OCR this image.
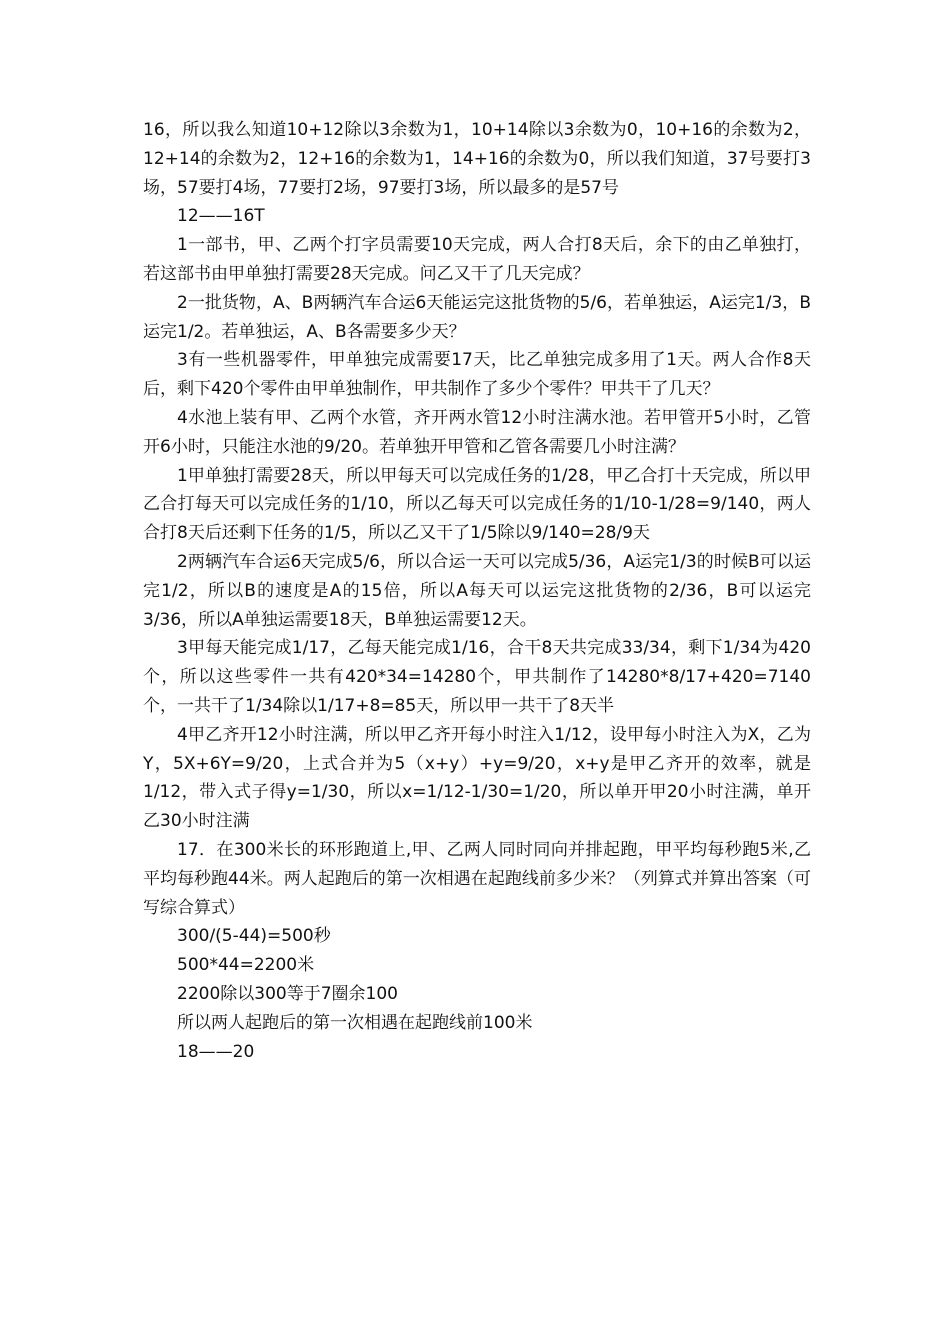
16，所以我么知道10+12除以3余数为1，10+14除以3余数为0，10+16的余数为2，12+14的余数为2，12+16的余数为1，14+16的余数为0，所以我们知道，37号要打3场，57要打4场，77要打2场，97要打3场，所以最多的是57号

12——16T

1一部书，甲、乙两个打字员需要10天完成，两人合打8天后，余下的由乙单独打，若这部书由甲单独打需要28天完成。问乙又干了几天完成？

2一批货物，A、B两辆汽车合运6天能运完这批货物的5/6，若单独运，A运完1/3，B运完1/2。若单独运，A、B各需要多少天？

3有一些机器零件，甲单独完成需要17天，比乙单独完成多用了1天。两人合作8天后，剩下420个零件由甲单独制作，甲共制作了多少个零件？甲共干了几天？

4水池上装有甲、乙两个水管，齐开两水管12小时注满水池。若甲管开5小时，乙管开6小时，只能注水池的9/20。若单独开甲管和乙管各需要几小时注满？

1甲单独打需要28天，所以甲每天可以完成任务的1/28，甲乙合打十天完成，所以甲乙合打每天可以完成任务的1/10，所以乙每天可以完成任务的1/10-1/28=9/140，两人合打8天后还剩下任务的1/5，所以乙又干了1/5除以9/140=28/9天

2两辆汽车合运6天完成5/6，所以合运一天可以完成5/36，A运完1/3的时候B可以运完1/2，所以B的速度是A的15倍，所以A每天可以运完这批货物的2/36，B可以运完3/36，所以A单独运需要18天，B单独运需要12天。

3甲每天能完成1/17，乙每天能完成1/16，合干8天共完成33/34，剩下1/34为420个，所以这些零件一共有420*34=14280个，甲共制作了14280*8/17+420=7140个，一共干了1/34除以1/17+8=85天，所以甲一共干了8天半

4甲乙齐开12小时注满，所以甲乙齐开每小时注入1/12，设甲每小时注入为X，乙为Y，5X+6Y=9/20，上式合并为5（x+y）+y=9/20，x+y是甲乙齐开的效率，就是1/12，带入式子得y=1/30，所以x=1/12-1/30=1/20，所以单开甲20小时注满，单开乙30小时注满

17．在300米长的环形跑道上,甲、乙两人同时同向并排起跑，甲平均每秒跑5米,乙平均每秒跑44米。两人起跑后的第一次相遇在起跑线前多少米？（列算式并算出答案（可写综合算式）

300/(5-44)=500秒

500*44=2200米

2200除以300等于7圈余100

所以两人起跑后的第一次相遇在起跑线前100米

18——20
